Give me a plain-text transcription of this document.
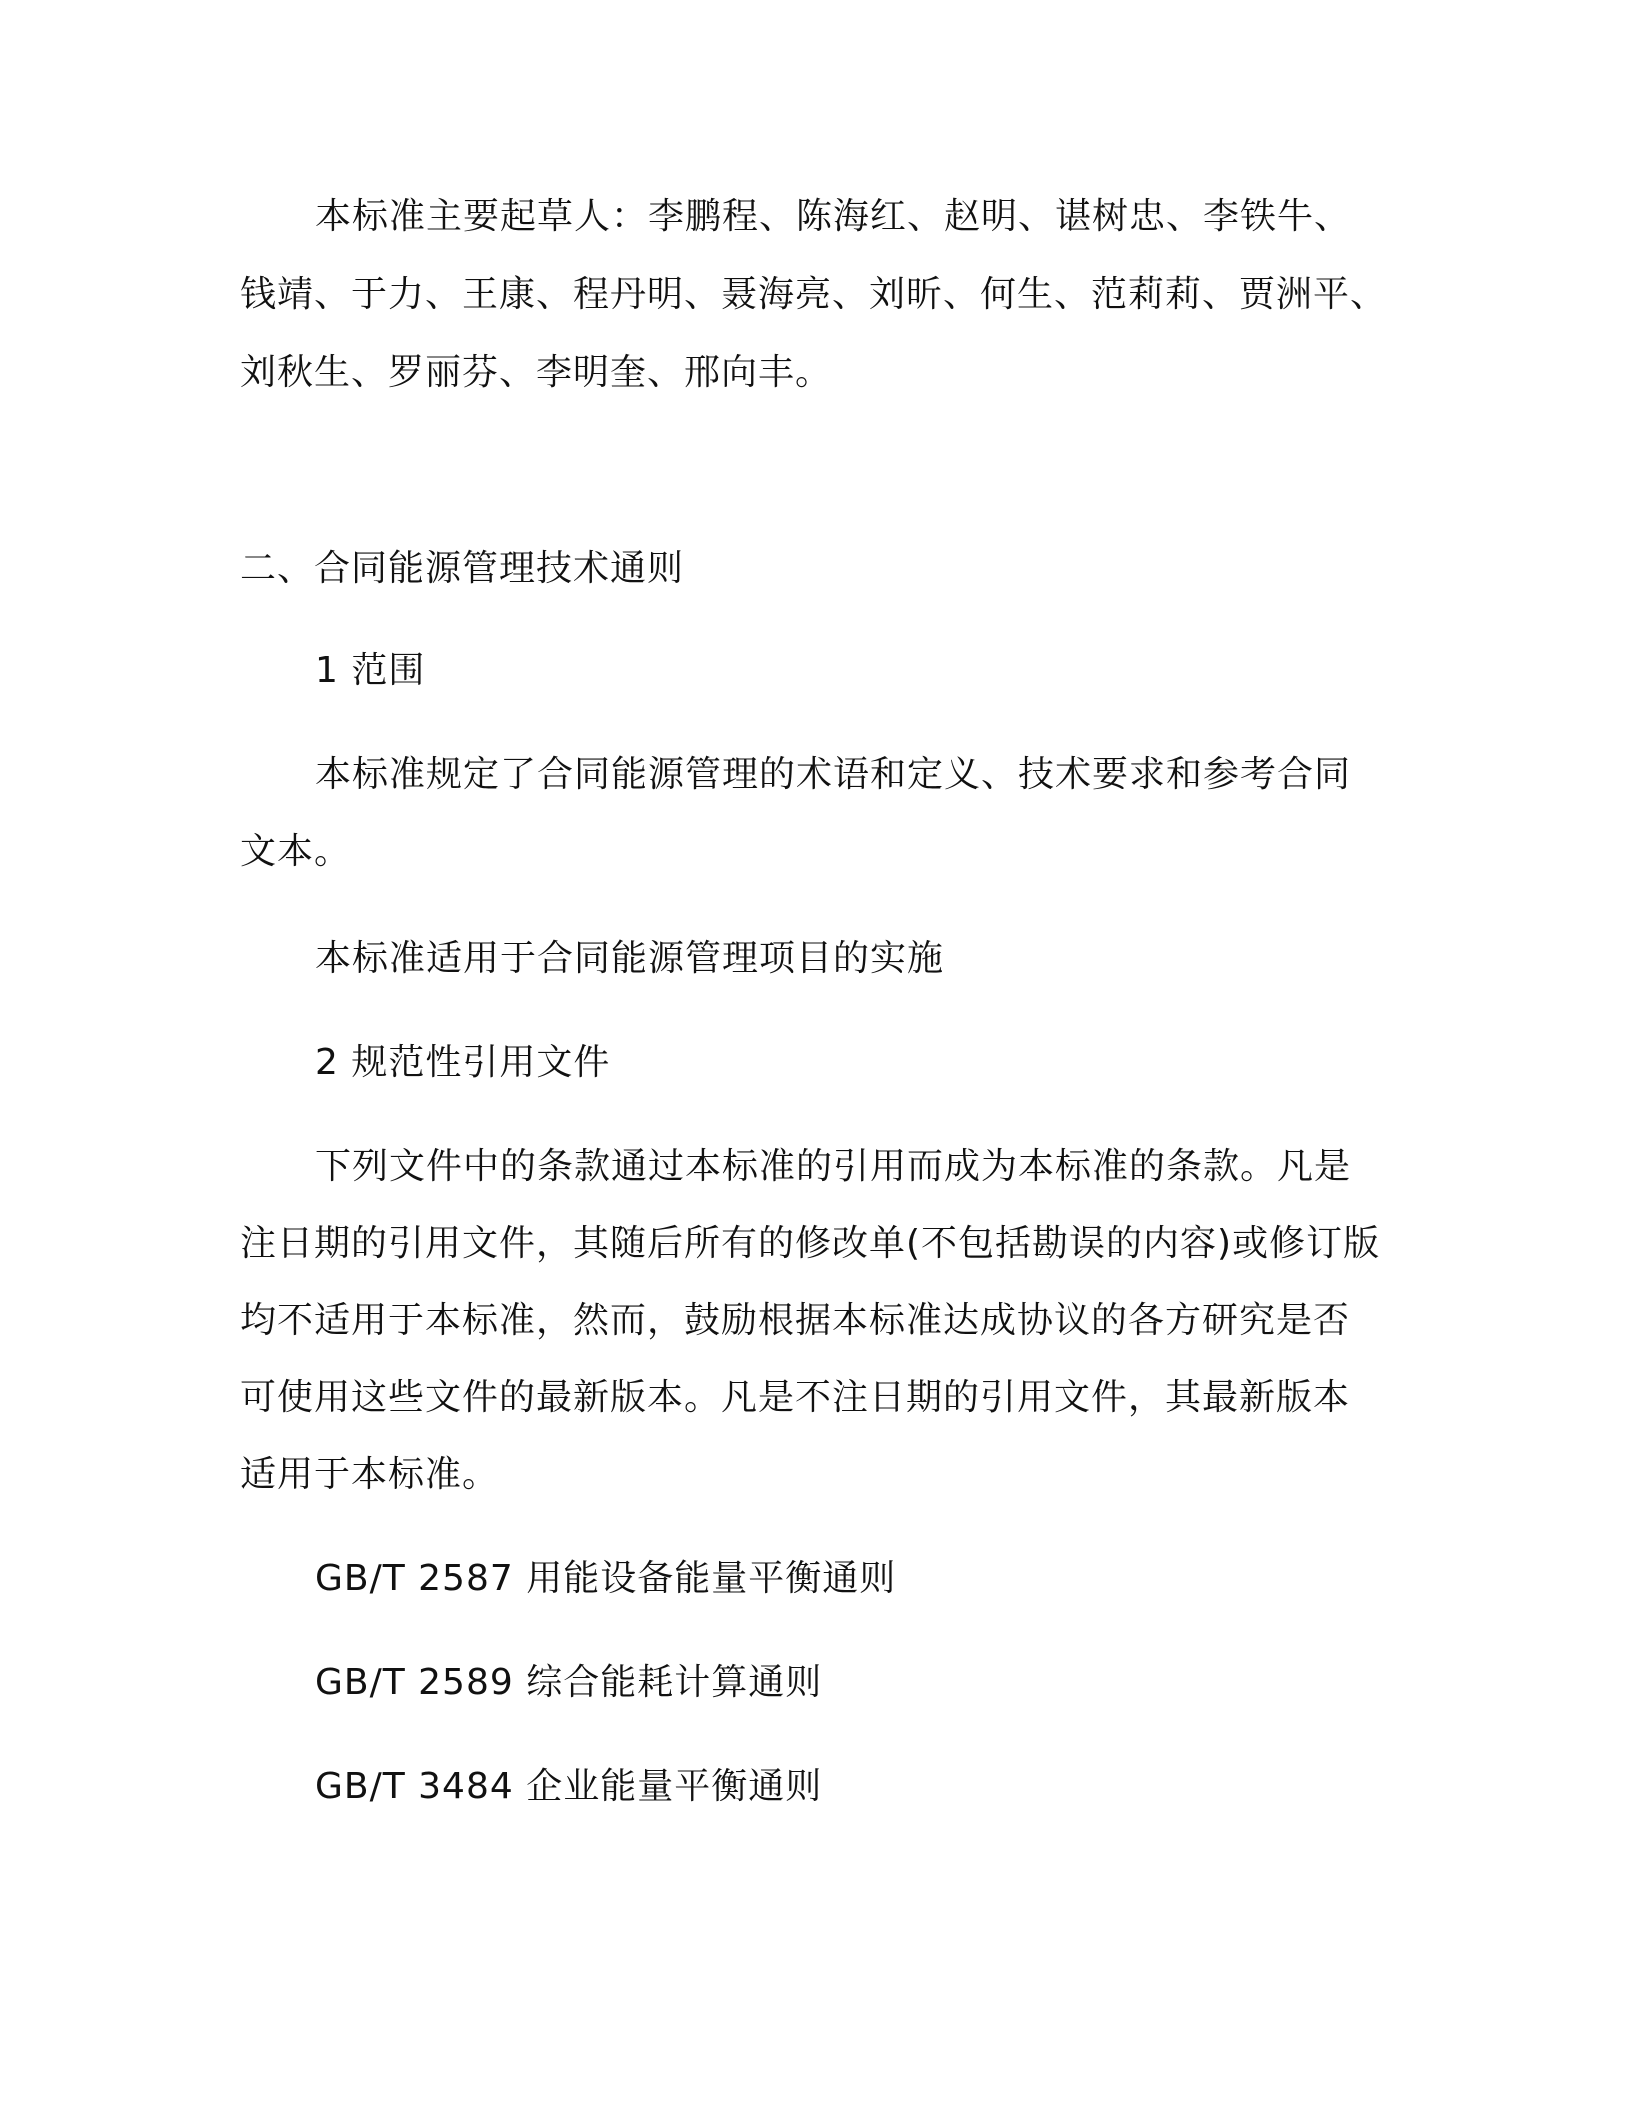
本标准主要起草人：李鹏程、陈海红、赵明、谌树忠、李铁牛、
钱靖、于力、王康、程丹明、聂海亮、刘昕、何生、范莉莉、贾洲平、
刘秋生、罗丽芬、李明奎、邢向丰。
二、合同能源管理技术通则
1 范围
本标准规定了合同能源管理的术语和定义、技术要求和参考合同
文本。
本标准适用于合同能源管理项目的实施
2 规范性引用文件
下列文件中的条款通过本标准的引用而成为本标准的条款。凡是
注日期的引用文件，其随后所有的修改单(不包括勘误的内容)或修订版
均不适用于本标准，然而，鼓励根据本标准达成协议的各方研究是否
可使用这些文件的最新版本。凡是不注日期的引用文件，其最新版本
适用于本标准。
GB/T 2587 用能设备能量平衡通则
GB/T 2589 综合能耗计算通则
GB/T 3484 企业能量平衡通则
